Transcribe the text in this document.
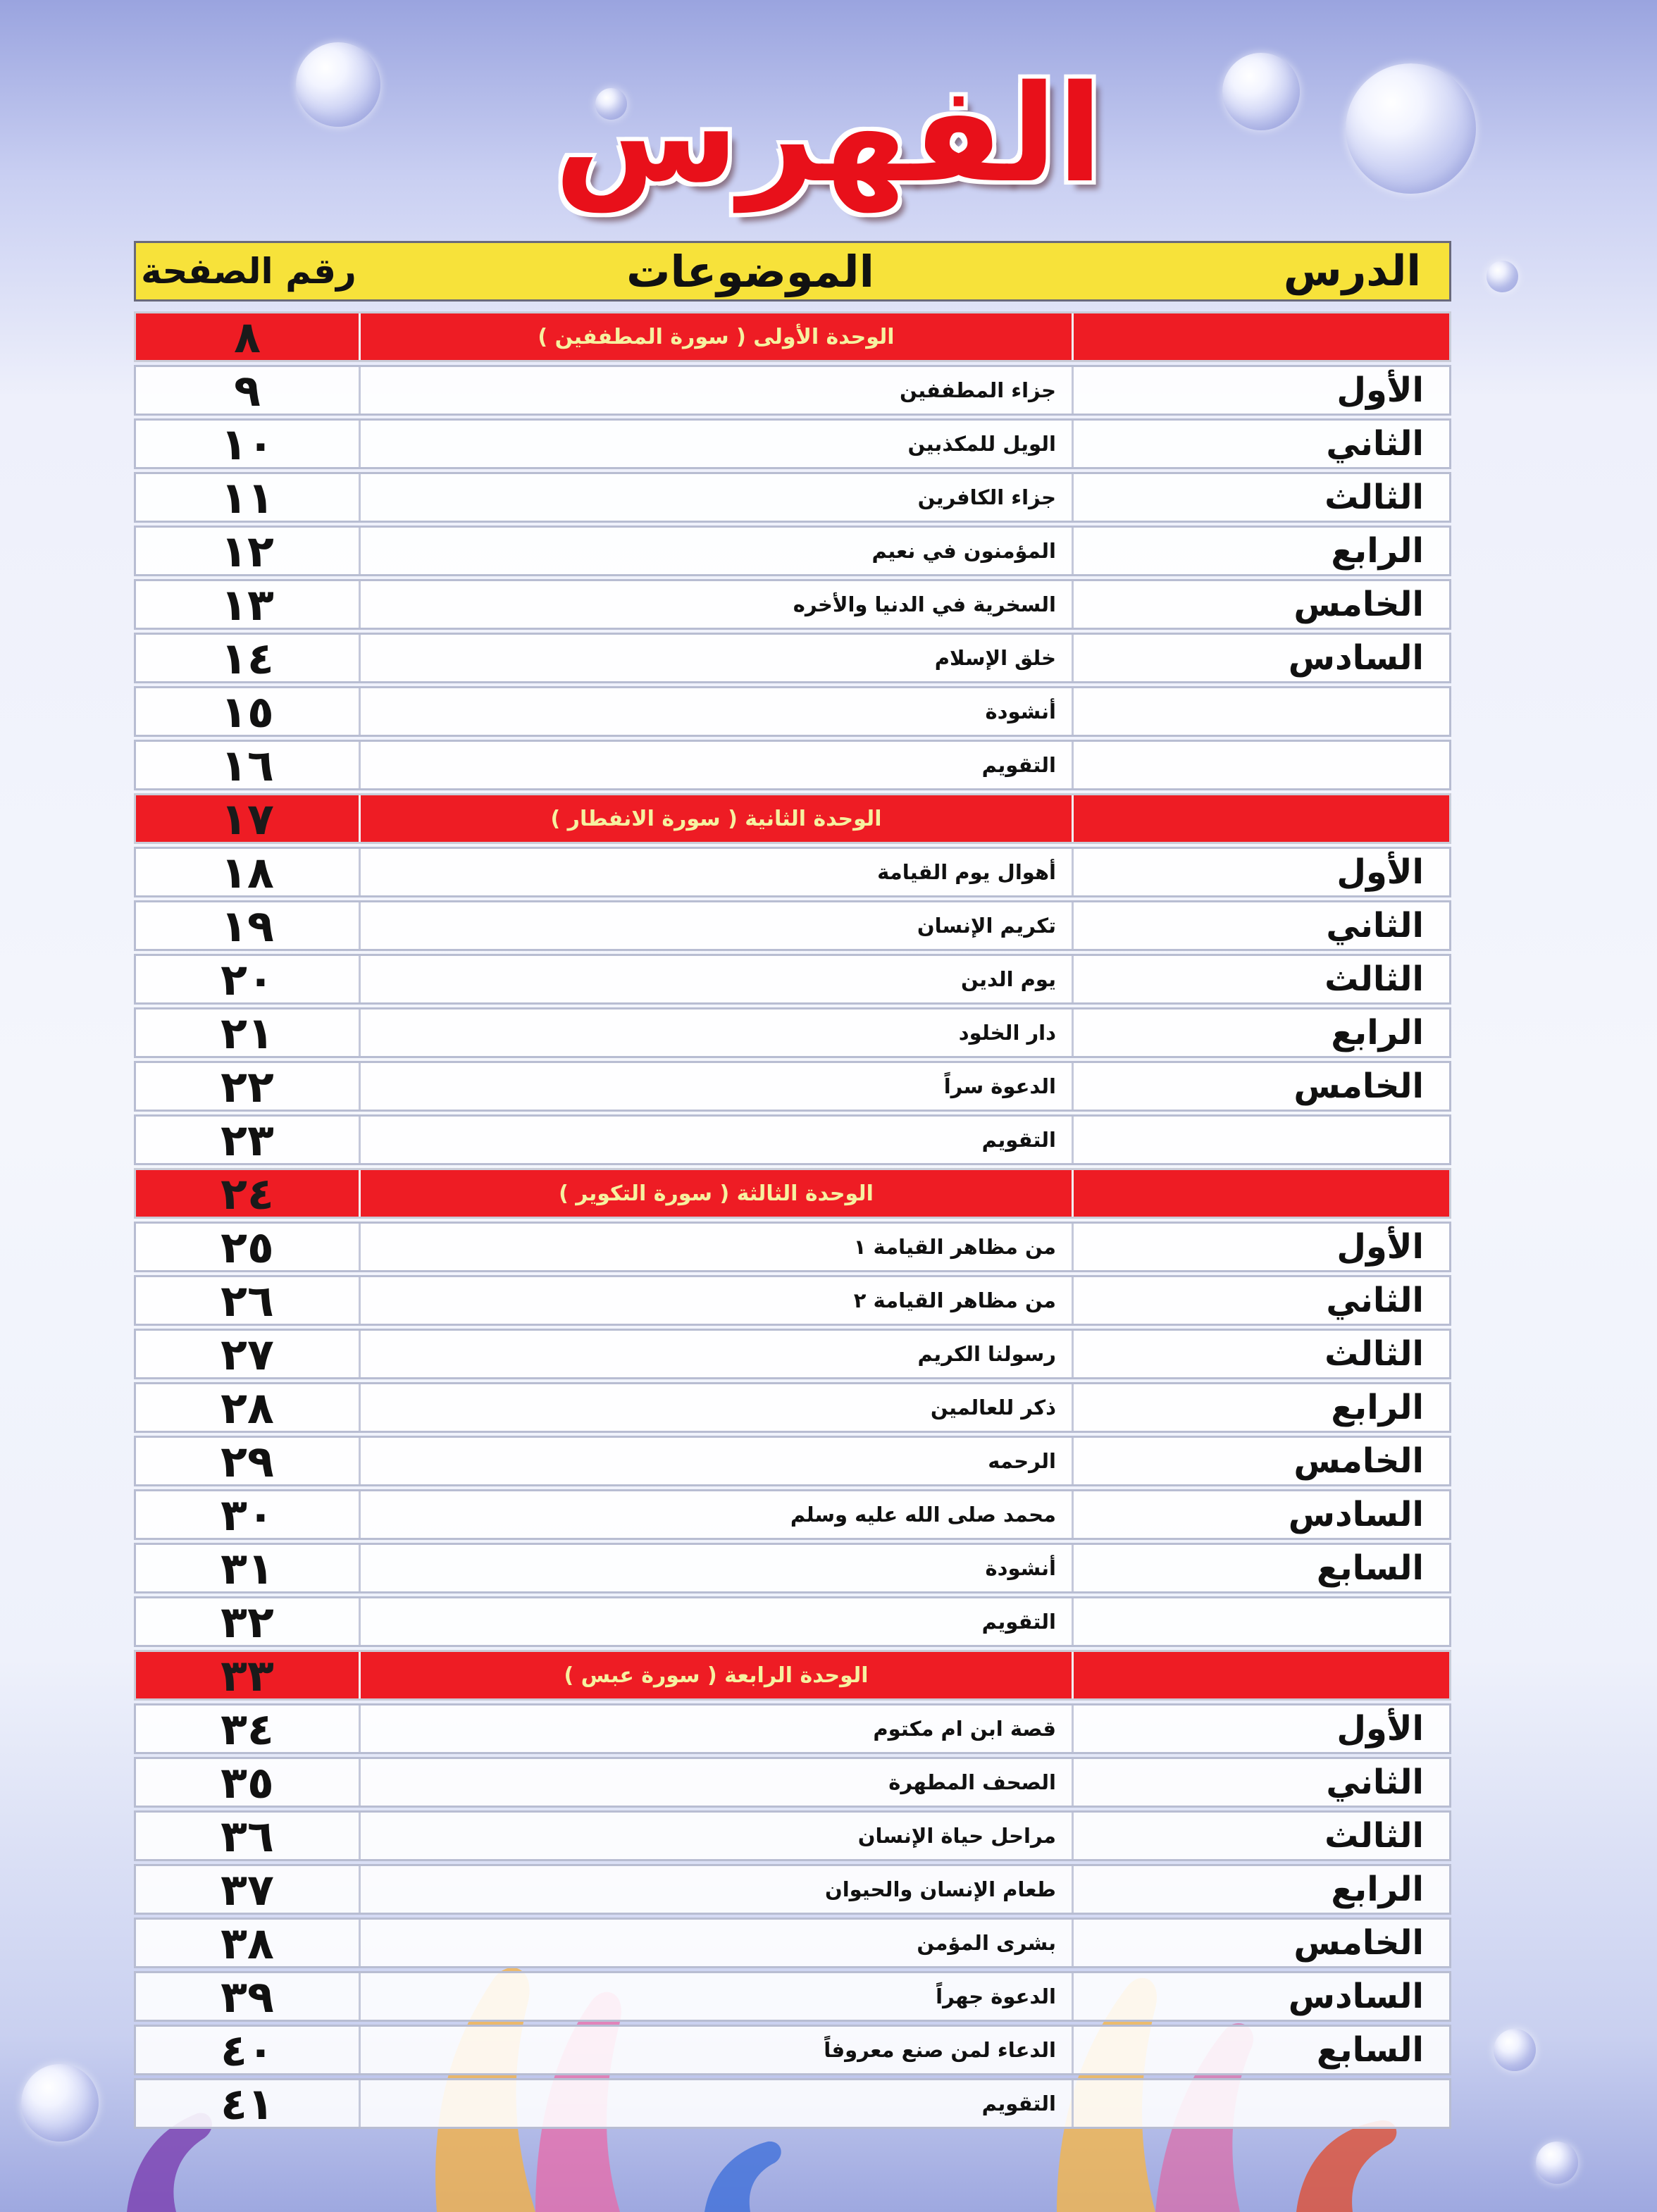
الفهرس
الدرس
الموضوعات
رقم الصفحة
الوحدة الأولى ( سورة المطففين )
٨
الأول
جزاء المطففين
٩
الثاني
الويل للمكذبين
١٠
الثالث
جزاء الكافرين
١١
الرابع
المؤمنون في نعيم
١٢
الخامس
السخرية في الدنيا والأخره
١٣
السادس
خلق الإسلام
١٤
أنشودة
١٥
التقويم
١٦
الوحدة الثانية ( سورة الانفطار )
١٧
الأول
أهوال يوم القيامة
١٨
الثاني
تكريم الإنسان
١٩
الثالث
يوم الدين
٢٠
الرابع
دار الخلود
٢١
الخامس
الدعوة سراً
٢٢
التقويم
٢٣
الوحدة الثالثة ( سورة التكوير )
٢٤
الأول
من مظاهر القيامة ١
٢٥
الثاني
من مظاهر القيامة ٢
٢٦
الثالث
رسولنا الكريم
٢٧
الرابع
ذكر للعالمين
٢٨
الخامس
الرحمه
٢٩
السادس
محمد صلى الله عليه وسلم
٣٠
السابع
أنشودة
٣١
التقويم
٣٢
الوحدة الرابعة ( سورة عبس )
٣٣
الأول
قصة ابن ام مكتوم
٣٤
الثاني
الصحف المطهرة
٣٥
الثالث
مراحل حياة الإنسان
٣٦
الرابع
طعام الإنسان والحيوان
٣٧
الخامس
بشرى المؤمن
٣٨
السادس
الدعوة جهراً
٣٩
السابع
الدعاء لمن صنع معروفاً
٤٠
التقويم
٤١
